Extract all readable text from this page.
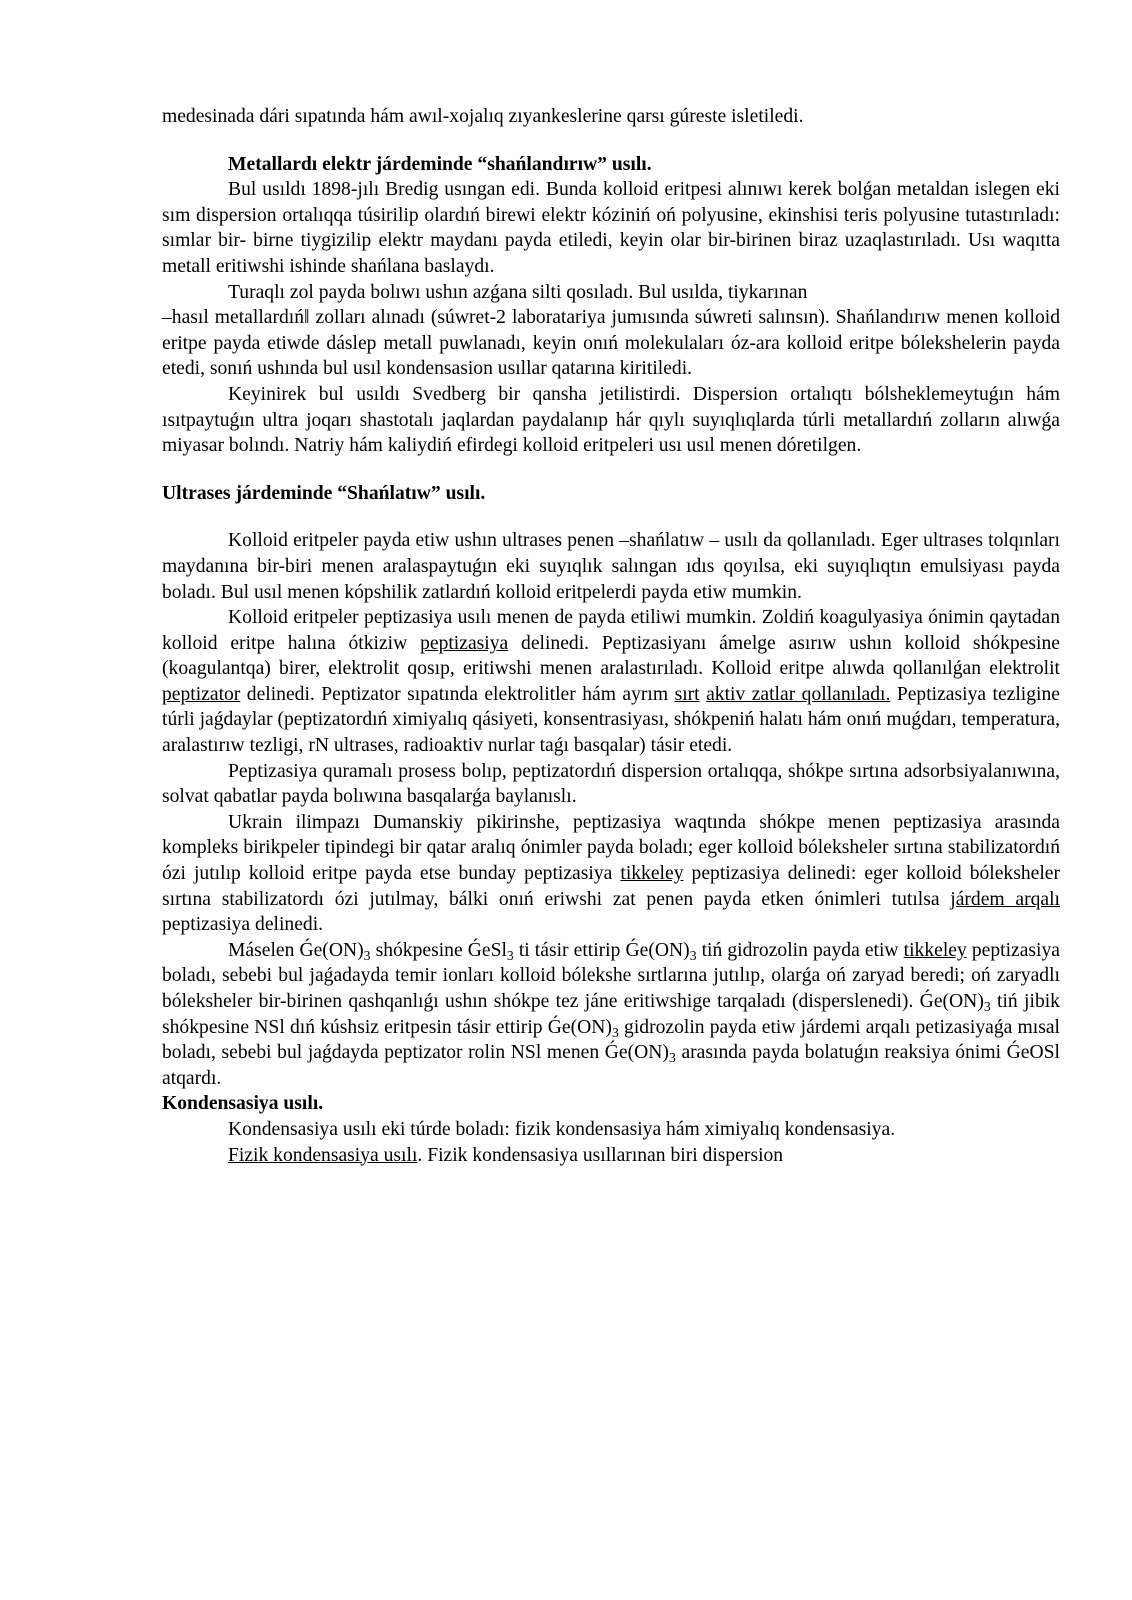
medesinada dári sıpatında hám awıl-xojalıq zıyankeslerine qarsı gúreste isletiledi.

Metallardı elektr járdeminde “shańlandırıw” usılı.

Bul usıldı 1898-jılı Bredig usıngan edi. Bunda kolloid eritpesi alınıwı kerek bolǵan metaldan islegen eki sım dispersion ortalıqqa túsirilip olardıń birewi elektr kóziniń oń polyusine, ekinshisi teris polyusine tutastırıladı: sımlar bir- birne tiygizilip elektr maydanı payda etiledi, keyin olar bir-birinen biraz uzaqlastırıladı. Usı waqıtta metall eritiwshi ishinde shańlana baslaydı.

Turaqlı zol payda bolıwı ushın azǵana silti qosıladı. Bul usılda, tiykarınan

‒hasıl metallardıń‖ zolları alınadı (súwret-2 laboratariya jumısında súwreti salınsın). Shańlandırıw menen kolloid eritpe payda etiwde dáslep metall puwlanadı, keyin onıń molekulaları óz-ara kolloid eritpe bólekshelerin payda etedi, sonıń ushında bul usıl kondensasion usıllar qatarına kiritiledi.

Keyinirek bul usıldı Svedberg bir qansha jetilistirdi. Dispersion ortalıqtı bólsheklemeytuǵın hám ısıtpaytuǵın ultra joqarı shastotalı jaqlardan paydalanıp hár qıylı suyıqlıqlarda túrli metallardıń zolların alıwǵa miyasar bolındı. Natriy hám kaliydiń efirdegi kolloid eritpeleri usı usıl menen dóretilgen.

Ultrases járdeminde “Shańlatıw” usılı.

Kolloid eritpeler payda etiw ushın ultrases penen ‒shańlatıw ‒ usılı da qollanıladı. Eger ultrases tolqınları maydanına bir-biri menen aralaspaytuǵın eki suyıqlık salıngan ıdıs qoyılsa, eki suyıqlıqtın emulsiyası payda boladı. Bul usıl menen kópshilik zatlardıń kolloid eritpelerdi payda etiw mumkin.

Kolloid eritpeler peptizasiya usılı menen de payda etiliwi mumkin. Zoldiń koagulyasiya ónimin qaytadan kolloid eritpe halına ótkiziw peptizasiya delinedi. Peptizasiyanı ámelge asırıw ushın kolloid shókpesine (koagulantqa) birer, elektrolit qosıp, eritiwshi menen aralastırıladı. Kolloid eritpe alıwda qollanılǵan elektrolit peptizator delinedi. Peptizator sıpatında elektrolitler hám ayrım sırt aktiv zatlar qollanıladı. Peptizasiya tezligine túrli jaǵdaylar (peptizatordıń ximiyalıq qásiyeti, konsentrasiyası, shókpeniń halatı hám onıń muǵdarı, temperatura, aralastırıw tezligi, rN ultrases, radioaktiv nurlar taǵı basqalar) tásir etedi.

Peptizasiya quramalı prosess bolıp, peptizatordıń dispersion ortalıqqa, shókpe sırtına adsorbsiyalanıwına, solvat qabatlar payda bolıwına basqalarǵa baylanıslı.

Ukrain ilimpazı Dumanskiy pikirinshe, peptizasiya waqtında shókpe menen peptizasiya arasında kompleks birikpeler tipindegi bir qatar aralıq ónimler payda boladı; eger kolloid bóleksheler sırtına stabilizatordıń ózi jutılıp kolloid eritpe payda etse bunday peptizasiya tikkeley peptizasiya delinedi: eger kolloid bóleksheler sırtına stabilizatordı ózi jutılmay, bálki onıń eriwshi zat penen payda etken ónimleri tutılsa járdem arqalı peptizasiya delinedi.

Máselen $Ǵe(ON)_3$ shókpesine ǴeSl$_3$ ti tásir ettirip $Ǵe(ON)_3$ tiń gidrozolin payda etiw tikkeley peptizasiya boladı, sebebi bul jaǵadayda temir ionları kolloid bólekshe sırtlarına jutılıp, olarǵa oń zaryad beredi; oń zaryadlı bóleksheler bir-birinen qashqanlıǵı ushın shókpe tez jáne eritiwshige tarqaladı (disperslenedi). $Ǵe(ON)_3$ tiń jibik shókpesine NSl dıń kúshsiz eritpesin tásir ettirip $Ǵe(ON)_3$ gidrozolin payda etiw járdemi arqalı petizasiyaǵa mısal boladı, sebebi bul jaǵdayda peptizator rolin NSl menen $Ǵe(ON)_3$ arasında payda bolatuǵın reaksiya ónimi ǴeOSl atqardı.

Kondensasiya usılı.

Kondensasiya usılı eki túrde boladı: fizik kondensasiya hám ximiyalıq kondensasiya.

Fizik kondensasiya usılı. Fizik kondensasiya usıllarınan biri dispersion
